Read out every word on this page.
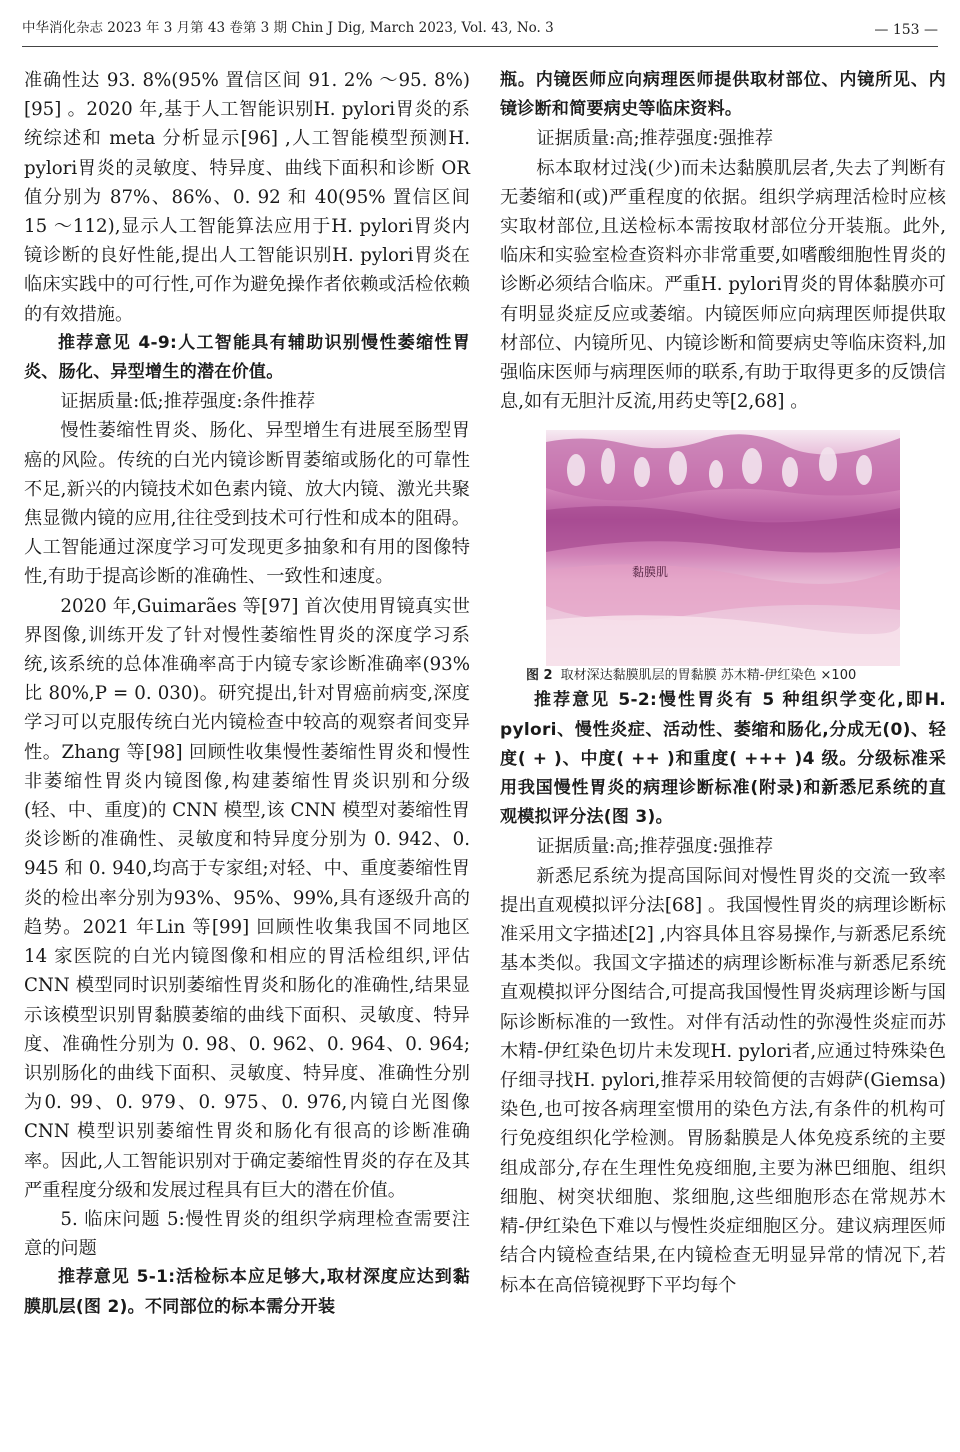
中华消化杂志 2023 年 3 月第 43 卷第 3 期 Chin J Dig, March 2023, Vol. 43, No. 3	— 153 —

准确性达 93. 8%(95% 置信区间 91. 2% ～95. 8%)[95] 。2020 年,基于人工智能识别H. pylori胃炎的系统综述和 meta 分析显示[96] ,人工智能模型预测H. pylori胃炎的灵敏度、特异度、曲线下面积和诊断 OR 值分别为 87%、86%、0. 92 和 40(95% 置信区间 15 ～112),显示人工智能算法应用于H. pylori胃炎内镜诊断的良好性能,提出人工智能识别H. pylori胃炎在临床实践中的可行性,可作为避免操作者依赖或活检依赖的有效措施。

推荐意见 4-9:人工智能具有辅助识别慢性萎缩性胃炎、肠化、异型增生的潜在价值。

证据质量:低;推荐强度:条件推荐

慢性萎缩性胃炎、肠化、异型增生有进展至肠型胃癌的风险。传统的白光内镜诊断胃萎缩或肠化的可靠性不足,新兴的内镜技术如色素内镜、放大内镜、激光共聚焦显微内镜的应用,往往受到技术可行性和成本的阻碍。人工智能通过深度学习可发现更多抽象和有用的图像特性,有助于提高诊断的准确性、一致性和速度。

2020 年,Guimarães 等[97] 首次使用胃镜真实世界图像,训练开发了针对慢性萎缩性胃炎的深度学习系统,该系统的总体准确率高于内镜专家诊断准确率(93% 比 80%,P = 0. 030)。研究提出,针对胃癌前病变,深度学习可以克服传统白光内镜检查中较高的观察者间变异性。Zhang 等[98] 回顾性收集慢性萎缩性胃炎和慢性非萎缩性胃炎内镜图像,构建萎缩性胃炎识别和分级(轻、中、重度)的 CNN 模型,该 CNN 模型对萎缩性胃炎诊断的准确性、灵敏度和特异度分别为 0. 942、0. 945 和 0. 940,均高于专家组;对轻、中、重度萎缩性胃炎的检出率分别为93%、95%、99%,具有逐级升高的趋势。2021 年Lin 等[99] 回顾性收集我国不同地区 14 家医院的白光内镜图像和相应的胃活检组织,评估 CNN 模型同时识别萎缩性胃炎和肠化的准确性,结果显示该模型识别胃黏膜萎缩的曲线下面积、灵敏度、特异度、准确性分别为 0. 98、0. 962、0. 964、0. 964;识别肠化的曲线下面积、灵敏度、特异度、准确性分别为0. 99、0. 979、0. 975、0. 976,内镜白光图像 CNN 模型识别萎缩性胃炎和肠化有很高的诊断准确率。因此,人工智能识别对于确定萎缩性胃炎的存在及其严重程度分级和发展过程具有巨大的潜在价值。

5. 临床问题 5:慢性胃炎的组织学病理检查需要注意的问题

推荐意见 5-1:活检标本应足够大,取材深度应达到黏膜肌层(图 2)。不同部位的标本需分开装

瓶。内镜医师应向病理医师提供取材部位、内镜所见、内镜诊断和简要病史等临床资料。

证据质量:高;推荐强度:强推荐

标本取材过浅(少)而未达黏膜肌层者,失去了判断有无萎缩和(或)严重程度的依据。组织学病理活检时应核实取材部位,且送检标本需按取材部位分开装瓶。此外,临床和实验室检查资料亦非常重要,如嗜酸细胞性胃炎的诊断必须结合临床。严重H. pylori胃炎的胃体黏膜亦可有明显炎症反应或萎缩。内镜医师应向病理医师提供取材部位、内镜所见、内镜诊断和简要病史等临床资料,加强临床医师与病理医师的联系,有助于取得更多的反馈信息,如有无胆汁反流,用药史等[2,68] 。

黏膜肌

图 2 取材深达黏膜肌层的胃黏膜 苏木精-伊红染色 ×100

推荐意见 5-2:慢性胃炎有 5 种组织学变化,即H. pylori、慢性炎症、活动性、萎缩和肠化,分成无(0)、轻度( + )、中度( ++ )和重度( +++ )4 级。分级标准采用我国慢性胃炎的病理诊断标准(附录)和新悉尼系统的直观模拟评分法(图 3)。

证据质量:高;推荐强度:强推荐

新悉尼系统为提高国际间对慢性胃炎的交流一致率提出直观模拟评分法[68] 。我国慢性胃炎的病理诊断标准采用文字描述[2] ,内容具体且容易操作,与新悉尼系统基本类似。我国文字描述的病理诊断标准与新悉尼系统直观模拟评分图结合,可提高我国慢性胃炎病理诊断与国际诊断标准的一致性。对伴有活动性的弥漫性炎症而苏木精-伊红染色切片未发现H. pylori者,应通过特殊染色仔细寻找H. pylori,推荐采用较简便的吉姆萨(Giemsa)染色,也可按各病理室惯用的染色方法,有条件的机构可行免疫组织化学检测。胃肠黏膜是人体免疫系统的主要组成部分,存在生理性免疫细胞,主要为淋巴细胞、组织细胞、树突状细胞、浆细胞,这些细胞形态在常规苏木精-伊红染色下难以与慢性炎症细胞区分。建议病理医师结合内镜检查结果,在内镜检查无明显异常的情况下,若标本在高倍镜视野下平均每个
